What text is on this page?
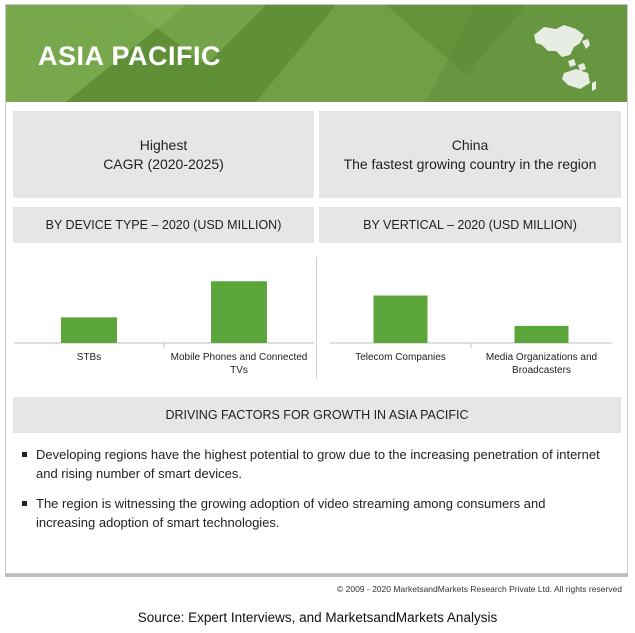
ASIA PACIFIC
Highest
CAGR (2020-2025)
China
The fastest growing country in the region
BY DEVICE TYPE – 2020 (USD MILLION)	BY VERTICAL – 2020 (USD MILLION)
STBs	Mobile Phones and Connected TVs
Telecom Companies	Media Organizations and Broadcasters
DRIVING FACTORS FOR GROWTH IN ASIA PACIFIC
Developing regions have the highest potential to grow due to the increasing penetration of internet and rising number of smart devices.
The region is witnessing the growing adoption of video streaming among consumers and increasing adoption of smart technologies.
© 2009 - 2020 MarketsandMarkets Research Private Ltd. All rights reserved
Source: Expert Interviews, and MarketsandMarkets Analysis
